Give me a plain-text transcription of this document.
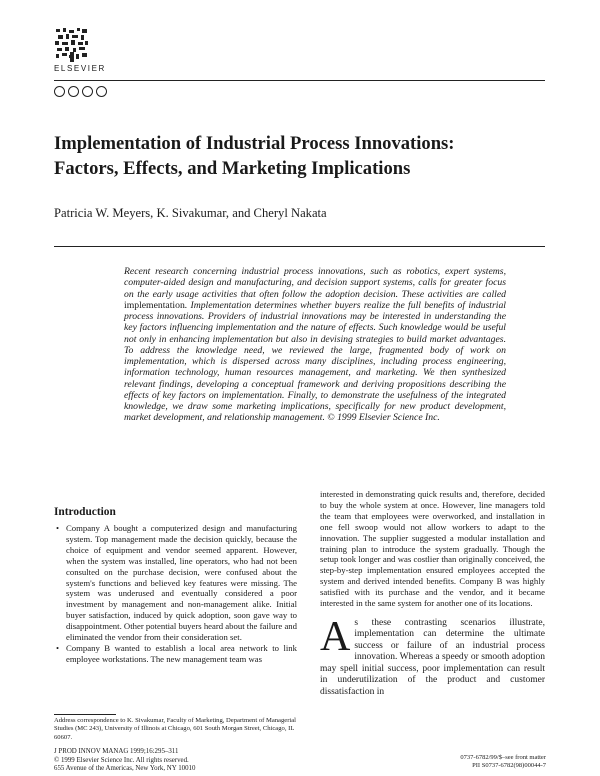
ELSEVIER
Implementation of Industrial Process Innovations:
Factors, Effects, and Marketing Implications
Patricia W. Meyers, K. Sivakumar, and Cheryl Nakata
Recent research concerning industrial process innovations, such as robotics, expert systems, computer-aided design and manufacturing, and decision support systems, calls for greater focus on the early usage activities that often follow the adoption decision. These activities are called implementation. Implementation determines whether buyers realize the full benefits of industrial process innovations. Providers of industrial innovations may be interested in understanding the key factors influencing implementation and the nature of effects. Such knowledge would be useful not only in enhancing implementation but also in devising strategies to build market advantages. To address the knowledge need, we reviewed the large, fragmented body of work on implementation, which is dispersed across many disciplines, including process engineering, information technology, human resources management, and marketing. We then synthesized relevant findings, developing a conceptual framework and deriving propositions describing the effects of key factors on implementation. Finally, to demonstrate the usefulness of the integrated knowledge, we draw some marketing implications, specifically for new product development, market development, and relationship management. © 1999 Elsevier Science Inc.
Introduction
• Company A bought a computerized design and manufacturing system. Top management made the decision quickly, because the choice of equipment and vendor seemed apparent. However, when the system was installed, line operators, who had not been consulted on the purchase decision, were confused about the system's functions and believed key features were missing. The system was underused and eventually considered a poor investment by management and non-management alike. Initial buyer satisfaction, induced by quick adoption, soon gave way to disappointment. Other potential buyers heard about the failure and eliminated the vendor from their consideration set.
• Company B wanted to establish a local area network to link employee workstations. The new management team was

interested in demonstrating quick results and, therefore, decided to buy the whole system at once. However, line managers told the team that employees were overworked, and installation in one fell swoop would not allow workers to adapt to the innovation. The supplier suggested a modular installation and training plan to introduce the system gradually. Though the setup took longer and was costlier than originally conceived, the step-by-step implementation ensured employees accepted the system and derived intended benefits. Company B was highly satisfied with its purchase and the vendor, and it became interested in the same system for another one of its locations.

As these contrasting scenarios illustrate, implementation can determine the ultimate success or failure of an industrial process innovation. Whereas a speedy or smooth adoption may spell initial success, poor implementation can result in underutilization of the product and customer dissatisfaction in

Address correspondence to K. Sivakumar, Faculty of Marketing, Department of Managerial Studies (MC 243), University of Illinois at Chicago, 601 South Morgan Street, Chicago, IL 60607.
J PROD INNOV MANAG 1999;16:295–311
© 1999 Elsevier Science Inc. All rights reserved.
655 Avenue of the Americas, New York, NY 10010
0737-6782/99/$–see front matter
PII S0737-6782(98)00044-7
